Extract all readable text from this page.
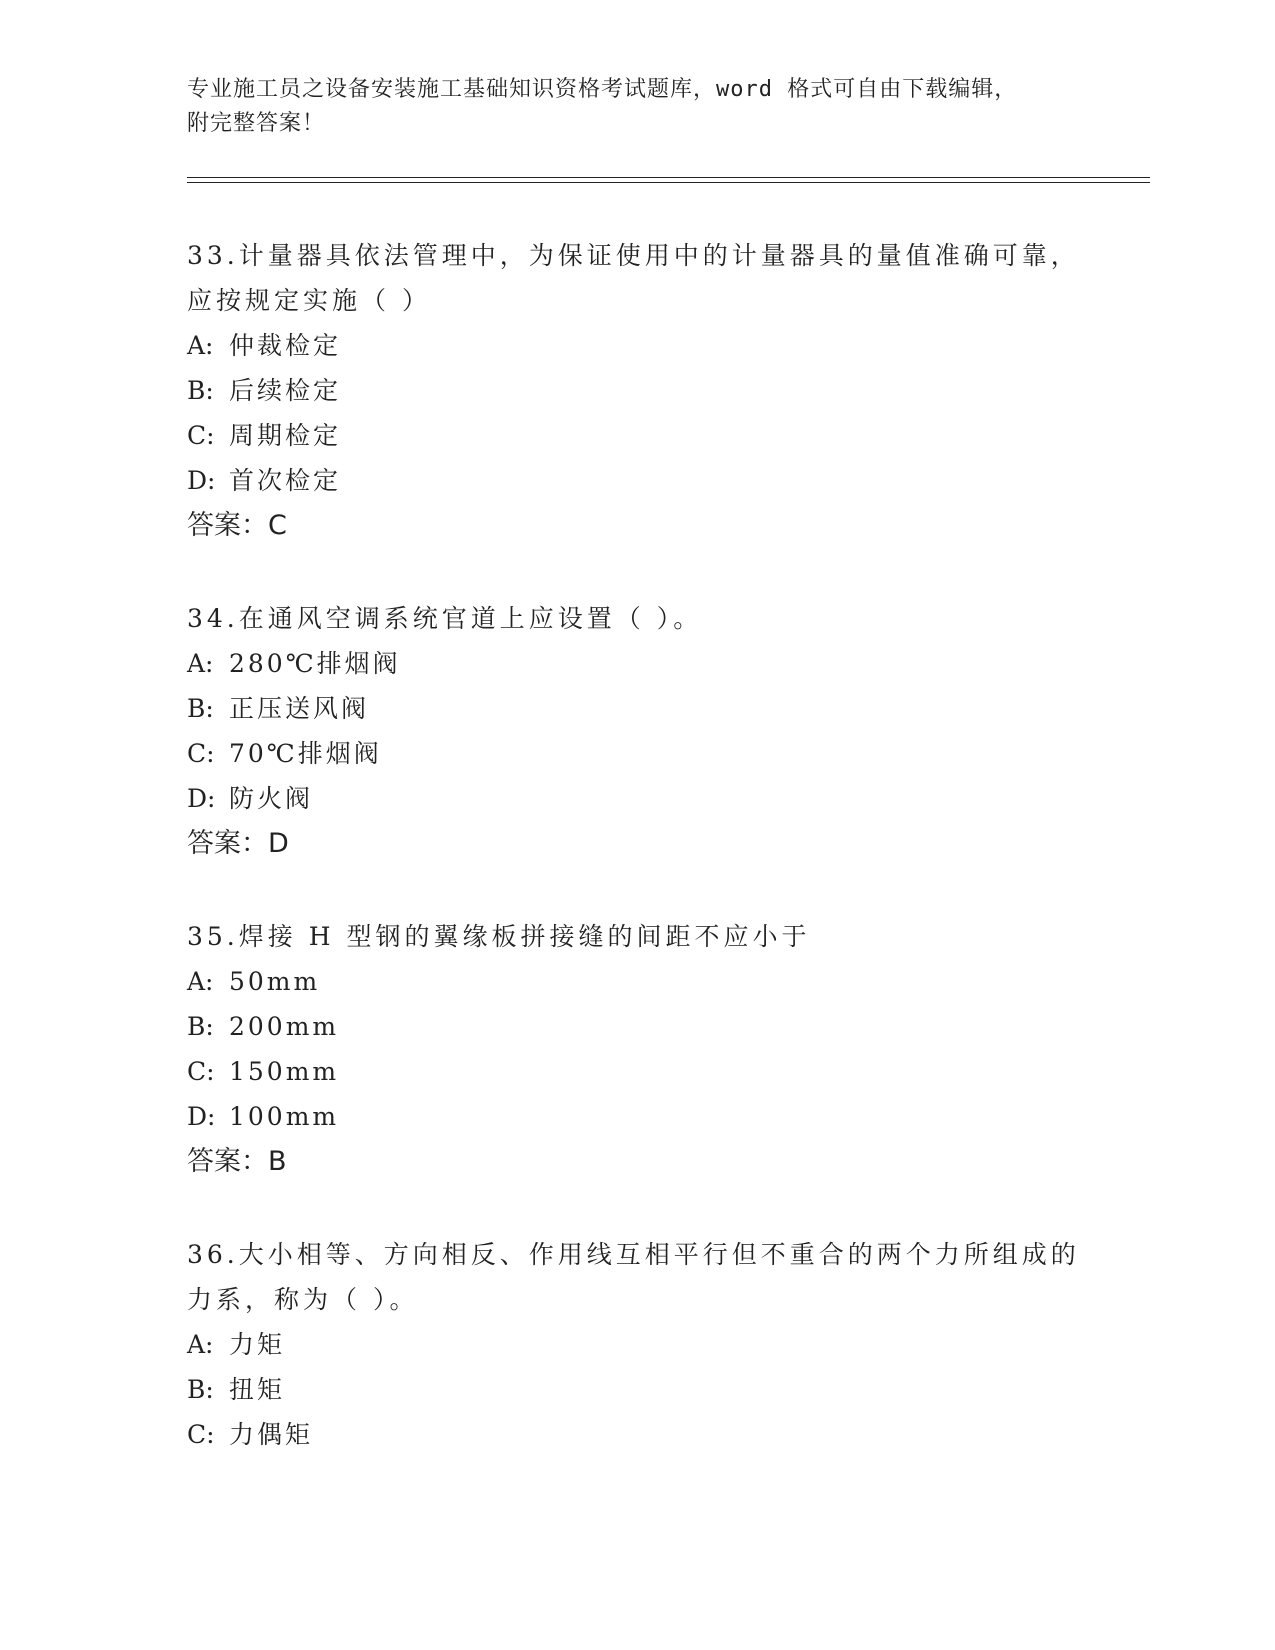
专业施工员之设备安装施工基础知识资格考试题库，word 格式可自由下载编辑，
附完整答案！
33.计量器具依法管理中，为保证使用中的计量器具的量值准确可靠，
应按规定实施（ ）
A: 仲裁检定
B: 后续检定
C: 周期检定
D: 首次检定
答案：C
34.在通风空调系统官道上应设置（ ）。
A: 280℃排烟阀
B: 正压送风阀
C: 70℃排烟阀
D: 防火阀
答案：D
35.焊接 H 型钢的翼缘板拼接缝的间距不应小于
A: 50mm
B: 200mm
C: 150mm
D: 100mm
答案：B
36.大小相等、方向相反、作用线互相平行但不重合的两个力所组成的
力系，称为（ ）。
A: 力矩
B: 扭矩
C: 力偶矩
